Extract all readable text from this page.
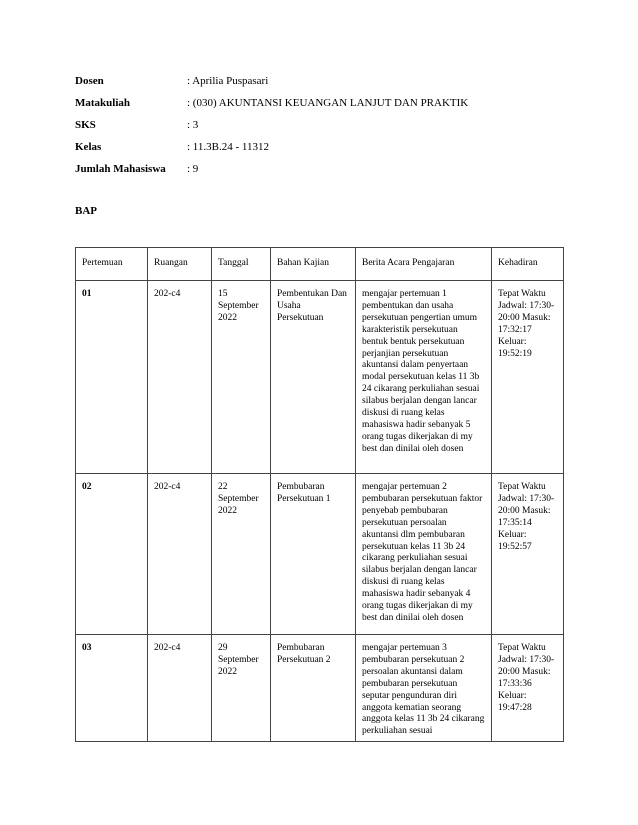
Dosen	: Aprilia Puspasari
Matakuliah	: (030) AKUNTANSI KEUANGAN LANJUT DAN PRAKTIK
SKS	: 3
Kelas	: 11.3B.24 - 11312
Jumlah Mahasiswa	: 9
BAP
Pertemuan	Ruangan	Tanggal	Bahan Kajian	Berita Acara Pengajaran	Kehadiran
01	202-c4	15 September 2022	Pembentukan Dan Usaha Persekutuan	mengajar pertemuan 1 pembentukan dan usaha persekutuan pengertian umum karakteristik persekutuan bentuk bentuk persekutuan perjanjian persekutuan akuntansi dalam penyertaan modal persekutuan kelas 11 3b 24 cikarang perkuliahan sesuai silabus berjalan dengan lancar diskusi di ruang kelas mahasiswa hadir sebanyak 5 orang tugas dikerjakan di my best dan dinilai oleh dosen	Tepat Waktu Jadwal: 17:30-20:00 Masuk: 17:32:17 Keluar: 19:52:19
02	202-c4	22 September 2022	Pembubaran Persekutuan 1	mengajar pertemuan 2 pembubaran persekutuan faktor penyebab pembubaran persekutuan persoalan akuntansi dlm pembubaran persekutuan kelas 11 3b 24 cikarang perkuliahan sesuai silabus berjalan dengan lancar diskusi di ruang kelas mahasiswa hadir sebanyak 4 orang tugas dikerjakan di my best dan dinilai oleh dosen	Tepat Waktu Jadwal: 17:30-20:00 Masuk: 17:35:14 Keluar: 19:52:57
03	202-c4	29 September 2022	Pembubaran Persekutuan 2	mengajar pertemuan 3 pembubaran persekutuan 2 persoalan akuntansi dalam pembubaran persekutuan seputar pengunduran diri anggota kematian seorang anggota kelas 11 3b 24 cikarang perkuliahan sesuai	Tepat Waktu Jadwal: 17:30-20:00 Masuk: 17:33:36 Keluar: 19:47:28
